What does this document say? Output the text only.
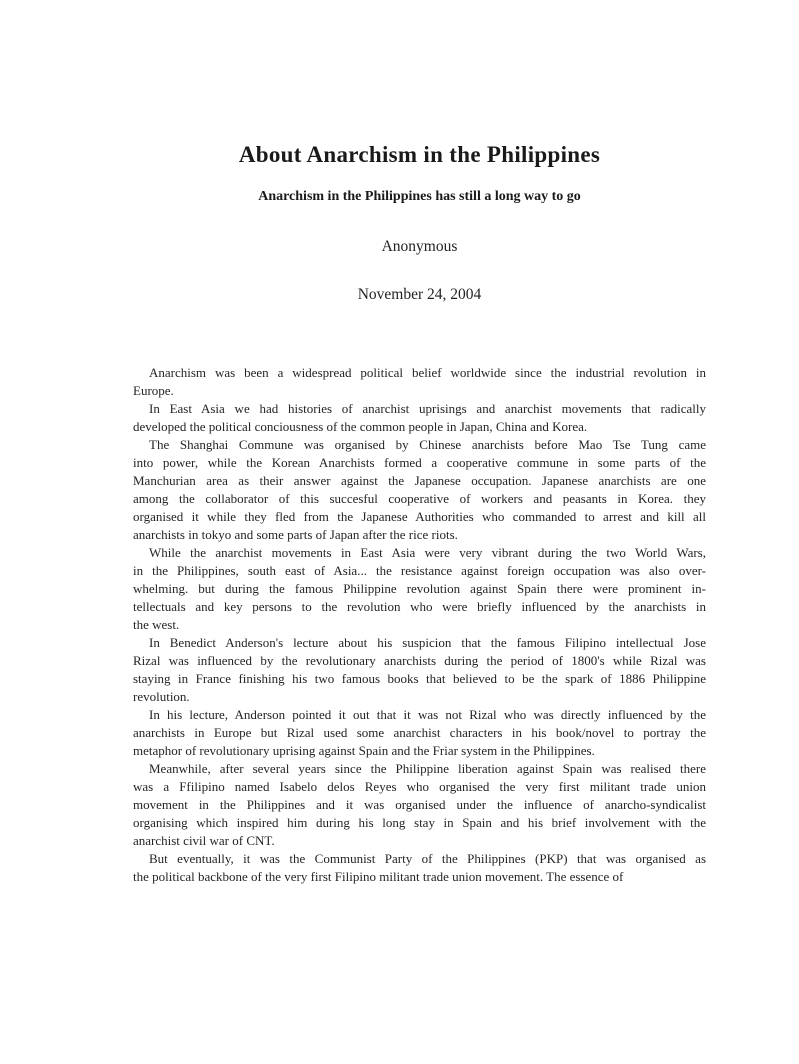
About Anarchism in the Philippines
Anarchism in the Philippines has still a long way to go
Anonymous
November 24, 2004

Anarchism was been a widespread political belief worldwide since the industrial revolution in
Europe.

In East Asia we had histories of anarchist uprisings and anarchist movements that radically
developed the political conciousness of the common people in Japan, China and Korea.

The Shanghai Commune was organised by Chinese anarchists before Mao Tse Tung came
into power, while the Korean Anarchists formed a cooperative commune in some parts of the
Manchurian area as their answer against the Japanese occupation. Japanese anarchists are one
among the collaborator of this succesful cooperative of workers and peasants in Korea. they
organised it while they fled from the Japanese Authorities who commanded to arrest and kill all
anarchists in tokyo and some parts of Japan after the rice riots.

While the anarchist movements in East Asia were very vibrant during the two World Wars,
in the Philippines, south east of Asia... the resistance against foreign occupation was also over-
whelming. but during the famous Philippine revolution against Spain there were prominent in-
tellectuals and key persons to the revolution who were briefly influenced by the anarchists in
the west.

In Benedict Anderson's lecture about his suspicion that the famous Filipino intellectual Jose
Rizal was influenced by the revolutionary anarchists during the period of 1800's while Rizal was
staying in France finishing his two famous books that believed to be the spark of 1886 Philippine
revolution.

In his lecture, Anderson pointed it out that it was not Rizal who was directly influenced by the
anarchists in Europe but Rizal used some anarchist characters in his book/novel to portray the
metaphor of revolutionary uprising against Spain and the Friar system in the Philippines.

Meanwhile, after several years since the Philippine liberation against Spain was realised there
was a Ffilipino named Isabelo delos Reyes who organised the very first militant trade union
movement in the Philippines and it was organised under the influence of anarcho-syndicalist
organising which inspired him during his long stay in Spain and his brief involvement with the
anarchist civil war of CNT.

But eventually, it was the Communist Party of the Philippines (PKP) that was organised as
the political backbone of the very first Filipino militant trade union movement. The essence of
